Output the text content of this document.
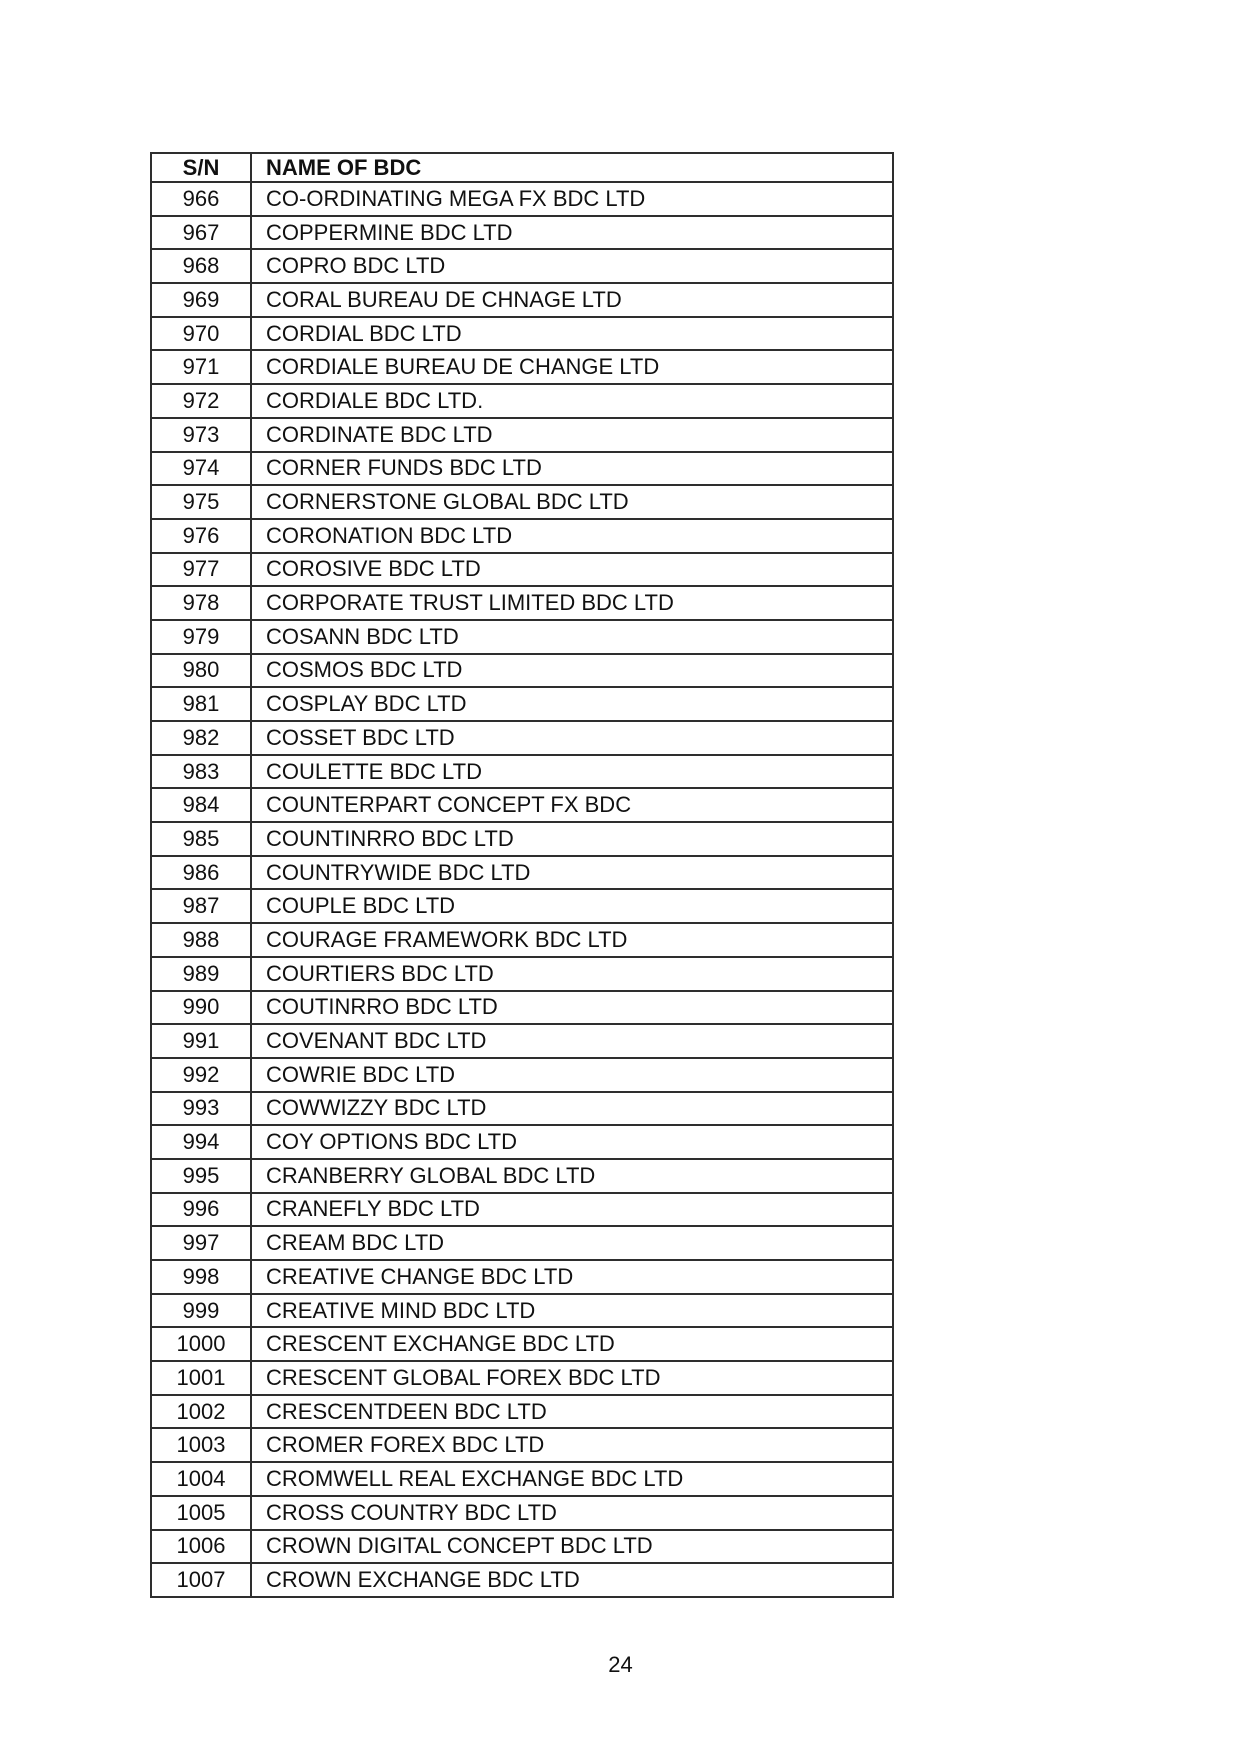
S/N	NAME OF BDC
966	CO-ORDINATING MEGA FX BDC LTD
967	COPPERMINE BDC LTD
968	COPRO BDC LTD
969	CORAL BUREAU DE CHNAGE LTD
970	CORDIAL BDC LTD
971	CORDIALE BUREAU DE CHANGE LTD
972	CORDIALE BDC LTD.
973	CORDINATE BDC LTD
974	CORNER FUNDS BDC LTD
975	CORNERSTONE GLOBAL BDC LTD
976	CORONATION BDC LTD
977	COROSIVE BDC LTD
978	CORPORATE TRUST LIMITED BDC LTD
979	COSANN BDC LTD
980	COSMOS BDC LTD
981	COSPLAY BDC LTD
982	COSSET BDC LTD
983	COULETTE BDC LTD
984	COUNTERPART CONCEPT FX BDC
985	COUNTINRRO BDC LTD
986	COUNTRYWIDE BDC LTD
987	COUPLE BDC LTD
988	COURAGE FRAMEWORK BDC LTD
989	COURTIERS BDC LTD
990	COUTINRRO BDC LTD
991	COVENANT BDC LTD
992	COWRIE BDC LTD
993	COWWIZZY BDC LTD
994	COY OPTIONS BDC LTD
995	CRANBERRY GLOBAL BDC LTD
996	CRANEFLY BDC LTD
997	CREAM BDC LTD
998	CREATIVE CHANGE BDC LTD
999	CREATIVE MIND BDC LTD
1000	CRESCENT EXCHANGE BDC LTD
1001	CRESCENT GLOBAL FOREX BDC LTD
1002	CRESCENTDEEN BDC LTD
1003	CROMER FOREX BDC LTD
1004	CROMWELL REAL EXCHANGE BDC LTD
1005	CROSS COUNTRY BDC LTD
1006	CROWN DIGITAL CONCEPT BDC LTD
1007	CROWN EXCHANGE BDC LTD
24
